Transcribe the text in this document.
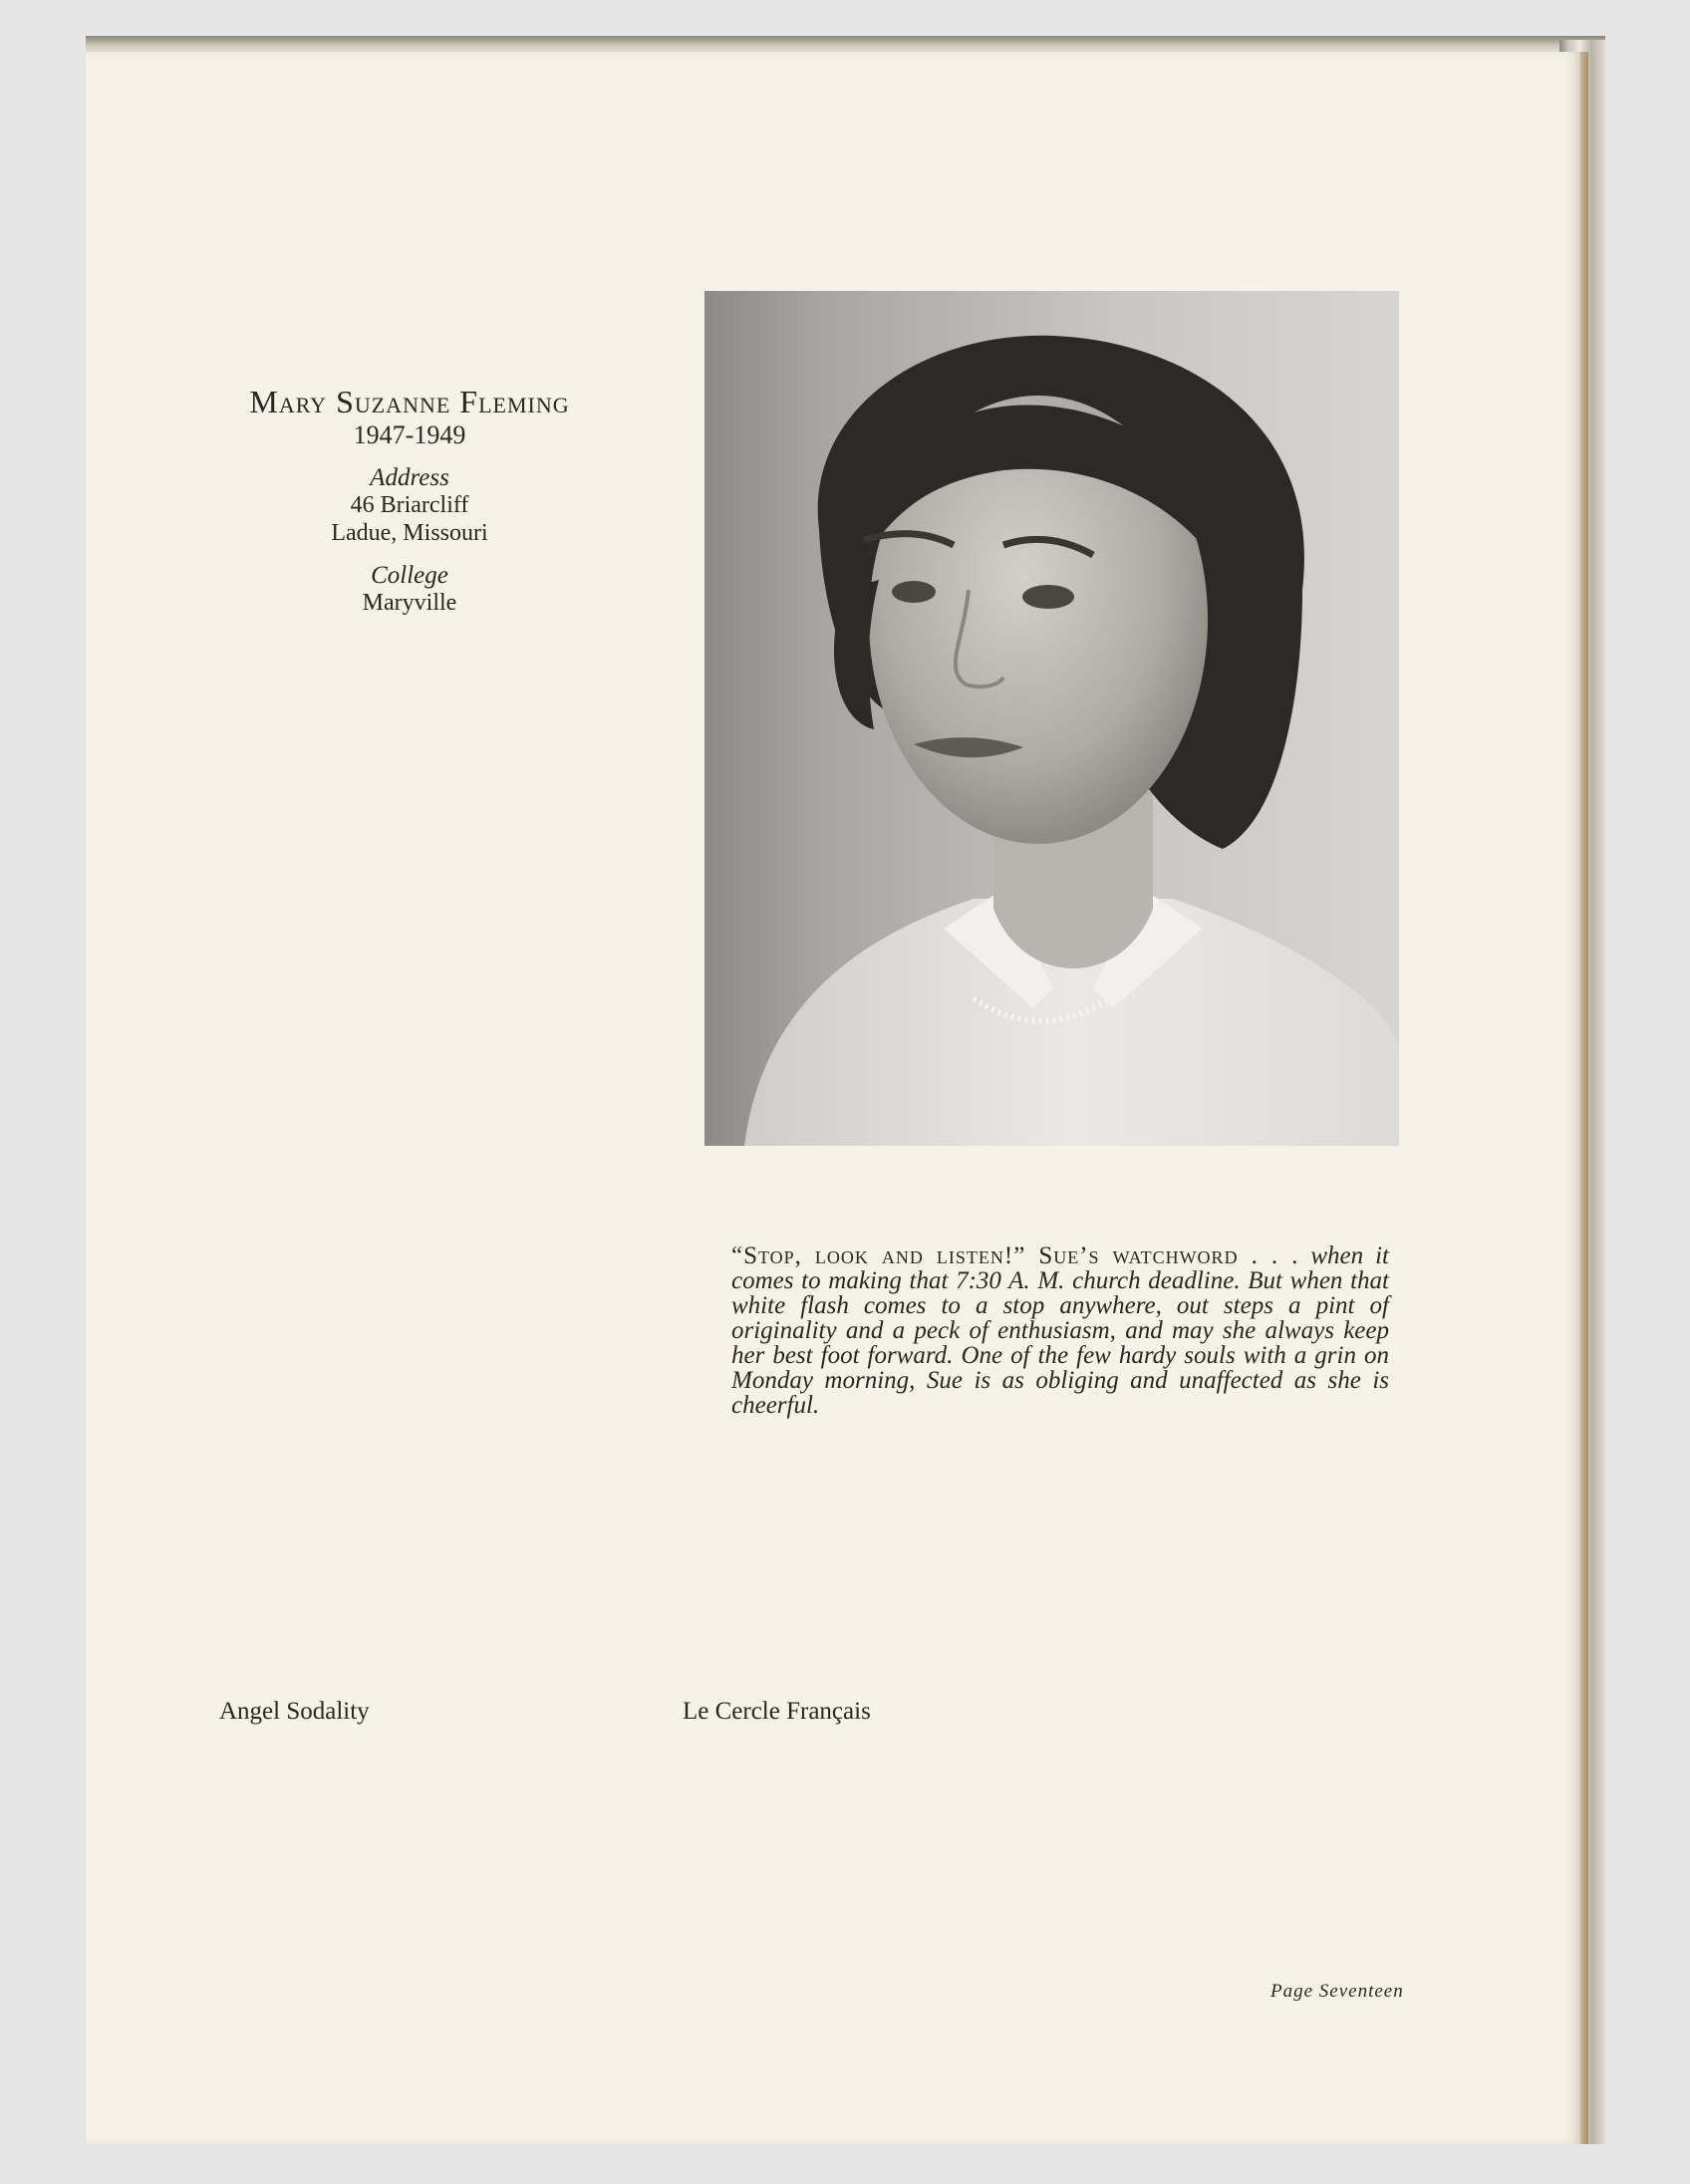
Mary Suzanne Fleming
1947-1949
Address
46 Briarcliff
Ladue, Missouri
College
Maryville
“Stop, look and listen!” Sue’s watchword . . . when it comes to making that 7:30 A. M. church deadline. But when that white flash comes to a stop anywhere, out steps a pint of originality and a peck of enthusiasm, and may she always keep her best foot forward. One of the few hardy souls with a grin on Monday morning, Sue is as obliging and unaffected as she is cheerful.
Angel Sodality	Le Cercle Français
Page Seventeen
